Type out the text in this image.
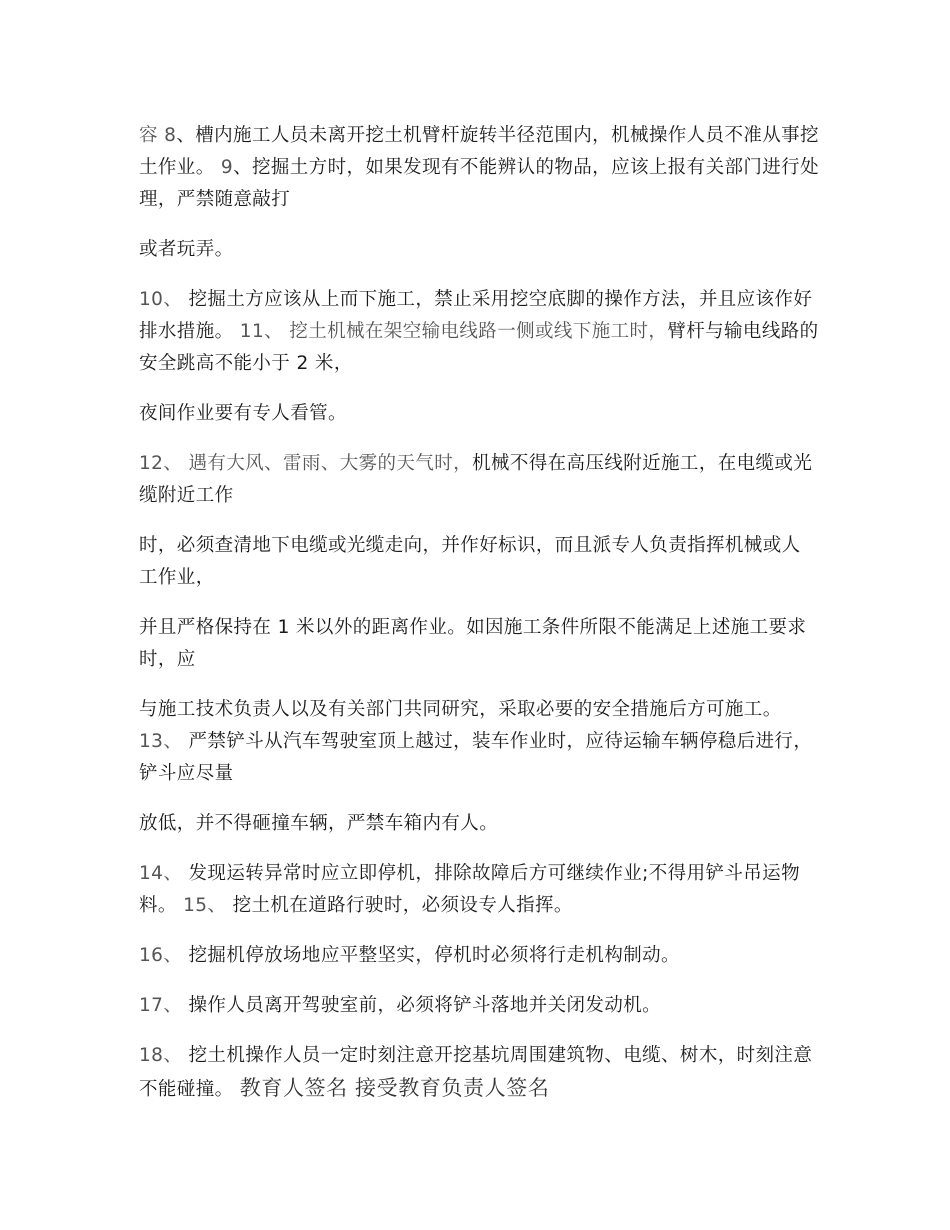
容 8、槽内施工人员未离开挖土机臂杆旋转半径范围内，机械操作人员不准从事挖土作业。 9、挖掘土方时，如果发现有不能辨认的物品，应该上报有关部门进行处理，严禁随意敲打

或者玩弄。

10、 挖掘土方应该从上而下施工，禁止采用挖空底脚的操作方法，并且应该作好排水措施。 11、 挖土机械在架空输电线路一侧或线下施工时，臂杆与输电线路的安全跳高不能小于 2 米，

夜间作业要有专人看管。

12、 遇有大风、雷雨、大雾的天气时，机械不得在高压线附近施工，在电缆或光缆附近工作

时，必须查清地下电缆或光缆走向，并作好标识，而且派专人负责指挥机械或人工作业，

并且严格保持在 1 米以外的距离作业。如因施工条件所限不能满足上述施工要求时，应

与施工技术负责人以及有关部门共同研究，采取必要的安全措施后方可施工。 13、 严禁铲斗从汽车驾驶室顶上越过，装车作业时，应待运输车辆停稳后进行，铲斗应尽量

放低，并不得砸撞车辆，严禁车箱内有人。

14、 发现运转异常时应立即停机，排除故障后方可继续作业;不得用铲斗吊运物料。 15、 挖土机在道路行驶时，必须设专人指挥。

16、 挖掘机停放场地应平整坚实，停机时必须将行走机构制动。

17、 操作人员离开驾驶室前，必须将铲斗落地并关闭发动机。

18、 挖土机操作人员一定时刻注意开挖基坑周围建筑物、电缆、树木，时刻注意不能碰撞。 教育人签名 接受教育负责人签名
